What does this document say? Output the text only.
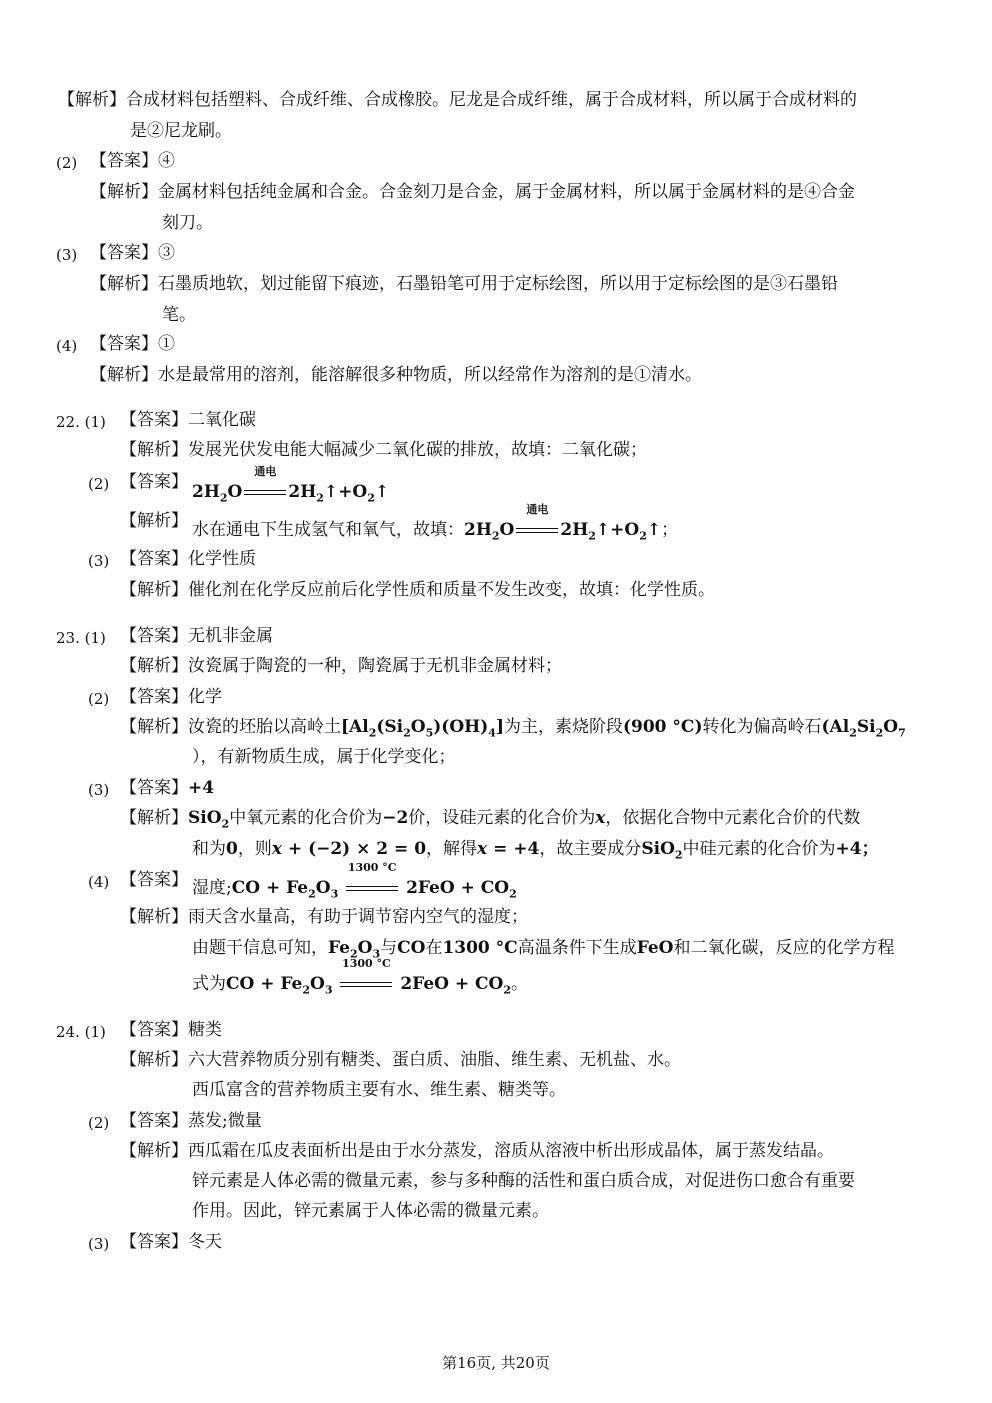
【解析】合成材料包括塑料、合成纤维、合成橡胶。尼龙是合成纤维，属于合成材料，所以属于合成材料的
是②尼龙刷。
(2) 【答案】④
【解析】金属材料包括纯金属和合金。合金刻刀是合金，属于金属材料，所以属于金属材料的是④合金
刻刀。
(3) 【答案】③
【解析】石墨质地软，划过能留下痕迹，石墨铅笔可用于定标绘图，所以用于定标绘图的是③石墨铅
笔。
(4) 【答案】①
【解析】水是最常用的溶剂，能溶解很多种物质，所以经常作为溶剂的是①清水。
22. (1) 【答案】二氧化碳
【解析】发展光伏发电能大幅减少二氧化碳的排放，故填：二氧化碳；
(2) 【答案】 $2H_2O$
通电
$2H_2↑+O_2↑$
【解析】 水在通电下生成氢气和氧气，故填：$2H_2O$
通电
$2H_2↑+O_2↑$；
(3) 【答案】化学性质
【解析】催化剂在化学反应前后化学性质和质量不发生改变，故填：化学性质。
23. (1) 【答案】无机非金属
【解析】汝瓷属于陶瓷的一种，陶瓷属于无机非金属材料；
(2) 【答案】化学
【解析】汝瓷的坯胎以高岭土$[Al_2(Si_2O_5)(OH)_4]$为主，素烧阶段(900 °C)转化为偏高岭石($Al_2Si_2O_7$
），有新物质生成，属于化学变化；
(3) 【答案】+4
【解析】SiO$_2$中氧元素的化合价为−2价，设硅元素的化合价为x，依据化合物中元素化合价的代数
和为0，则x + (−2) × 2 = 0，解得x = +4，故主要成分SiO$_2$中硅元素的化合价为+4；
(4) 【答案】 湿度;CO + $Fe_2O_3$
1300 °C
$2FeO + CO_2$
【解析】雨天含水量高，有助于调节窑内空气的湿度；
由题干信息可知，$Fe_2O_3$与CO在1300 °C高温条件下生成FeO和二氧化碳，反应的化学方程
式为CO + $Fe_2O_3$
1300 °C
$2FeO + CO_2$。
24. (1) 【答案】糖类
【解析】六大营养物质分别有糖类、蛋白质、油脂、维生素、无机盐、水。
西瓜富含的营养物质主要有水、维生素、糖类等。
(2) 【答案】蒸发;微量
【解析】西瓜霜在瓜皮表面析出是由于水分蒸发，溶质从溶液中析出形成晶体，属于蒸发结晶。
锌元素是人体必需的微量元素，参与多种酶的活性和蛋白质合成，对促进伤口愈合有重要
作用。因此，锌元素属于人体必需的微量元素。
(3) 【答案】冬天
第16页, 共20页
